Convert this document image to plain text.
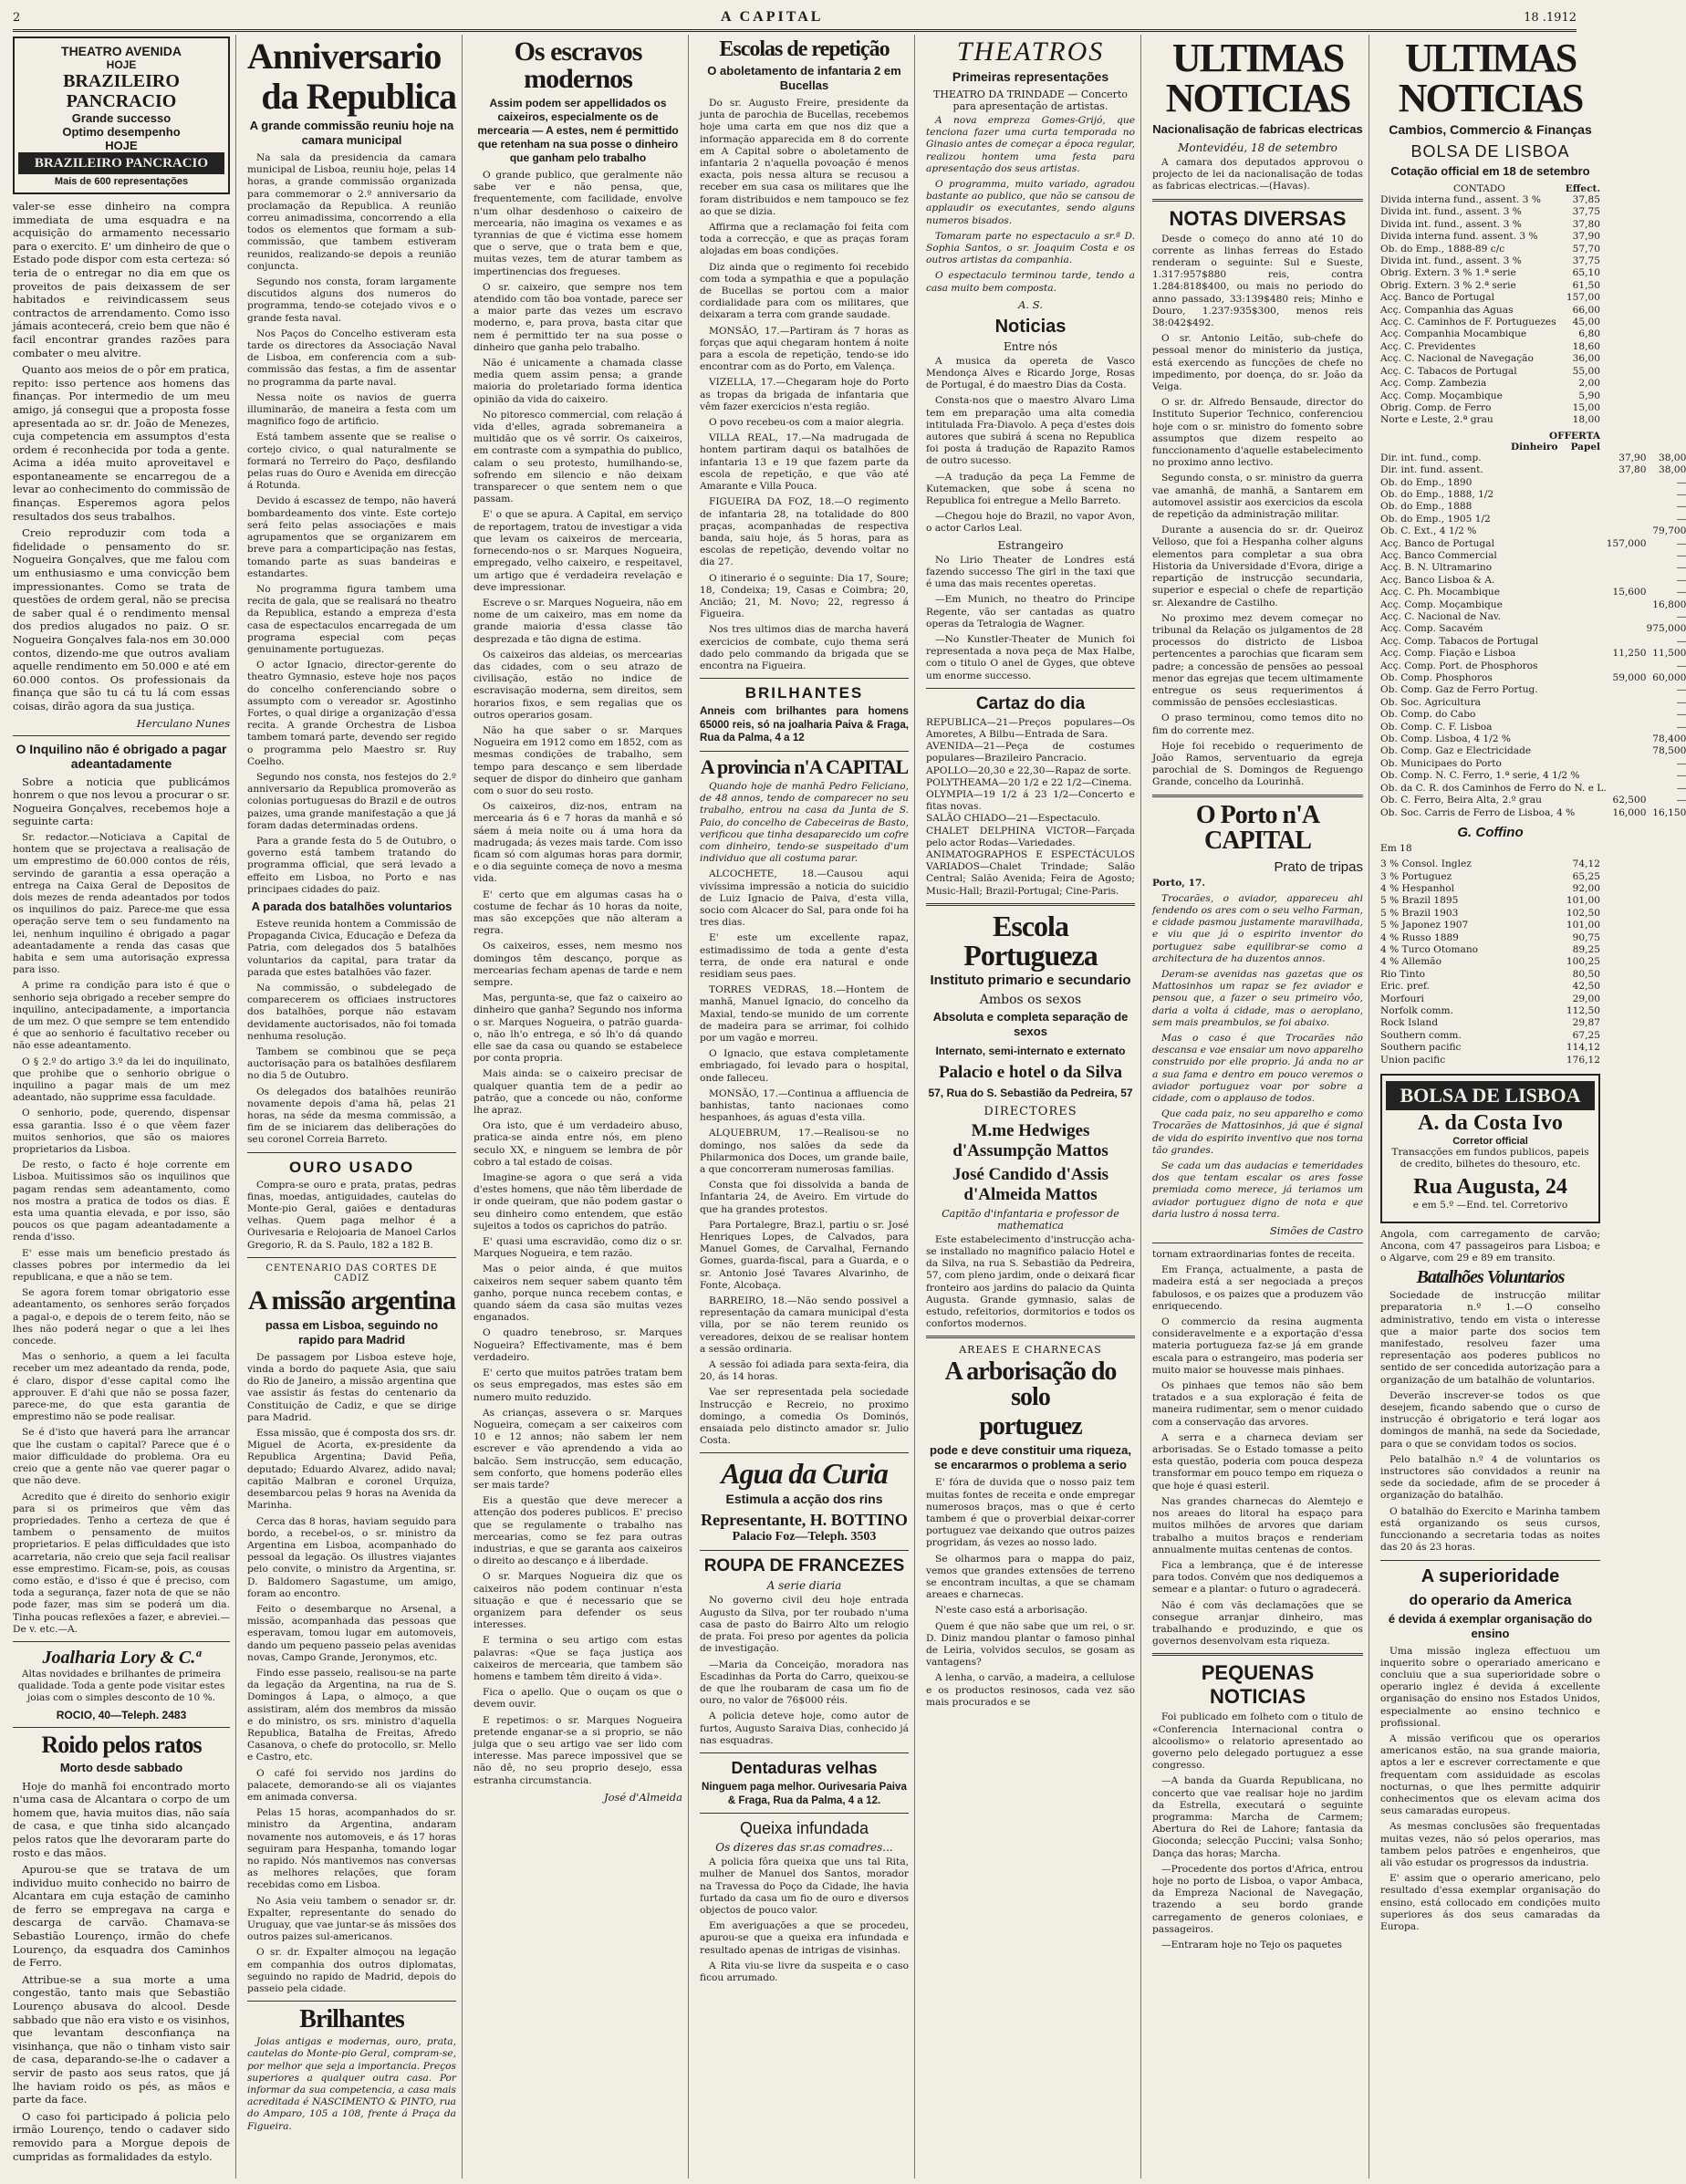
2	A CAPITAL	18 .1912
THEATRO AVENIDA
HOJE
BRAZILEIRO PANCRACIO
Grande successo
Optimo desempenho
HOJE
BRAZILEIRO PANCRACIO
Mais de 600 representações

valer-se esse dinheiro na compra immediata de uma esquadra e na acquisição do armamento necessario para o exercito. E' um dinheiro de que o Estado pode dispor com esta certeza: só teria de o entregar no dia em que os proveitos de pais deixassem de ser habitados e reivindicassem seus contractos de arrendamento. Como isso jámais acontecerá, creio bem que não é facil encontrar grandes razões para combater o meu alvitre.

Quanto aos meios de o pôr em pratica, repito: isso pertence aos homens das finanças. Por intermedio de um meu amigo, já consegui que a proposta fosse apresentada ao sr. dr. João de Menezes, cuja competencia em assumptos d'esta ordem é reconhecida por toda a gente. Acima a idéa muito aproveitavel e espontaneamente se encarregou de a levar ao conhecimento do commissão de finanças. Esperemos agora pelos resultados dos seus trabalhos.

Creio reproduzir com toda a fidelidade o pensamento do sr. Nogueira Gonçalves, que me falou com um enthusiasmo e uma convicção bem impressionantes. Como se trata de questões de ordem geral, não se precisa de saber qual é o rendimento mensal dos predios alugados no paiz. O sr. Nogueira Gonçalves fala-nos em 30.000 contos, dizendo-me que outros avaliam aquelle rendimento em 50.000 e até em 60.000 contos. Os professionais da finança que são tu cá tu lá com essas coisas, dirão agora da sua justiça.

Herculano Nunes
O Inquilino não é obrigado a pagar adeantadamente

Sobre a noticia que publicámos honrem o que nos levou a procurar o sr. Nogueira Gonçalves, recebemos hoje a seguinte carta:

Sr. redactor.—Noticiava a Capital de hontem que se projectava a realisação de um emprestimo de 60.000 contos de réis, servindo de garantia a essa operação a entrega na Caixa Geral de Depositos de dois mezes de renda adeantados por todos os inquilinos do paiz. Parece-me que essa operação serve tem o seu fundamento na lei, nenhum inquilino é obrigado a pagar adeantadamente a renda das casas que habita e sem uma autorisação expressa para isso.

A prime ra condição para isto é que o senhorio seja obrigado a receber sempre do inquilino, antecipadamente, a importancia de um mez. O que sempre se tem entendido é que ao senhorio é facultativo receber ou não esse adeantamento.

O § 2.º do artigo 3.º da lei do inquilinato, que prohibe que o senhorio obrigue o inquilino a pagar mais de um mez adeantado, não supprime essa faculdade.

O senhorio, pode, querendo, dispensar essa garantia. Isso é o que vêem fazer muitos senhorios, que são os maiores proprietarios da Lisboa.

De resto, o facto é hoje corrente em Lisboa. Muitissimos são os inquilinos que pagam rendas sem adeantamento, como nos mostra a pratica de todos os dias. É esta uma quantia elevada, e por isso, são poucos os que pagam adeantadamente a renda d'isso.

E' esse mais um beneficio prestado ás classes pobres por intermedio da lei republicana, e que a não se tem.

Se agora forem tomar obrigatorio esse adeantamento, os senhores serão forçados a pagal-o, e depois de o terem feito, não se lhes não poderá negar o que a lei lhes concede.

Mas o senhorio, a quem a lei faculta receber um mez adeantado da renda, pode, é claro, dispor d'esse capital como lhe approuver. E d'ahi que não se possa fazer, parece-me, do que esta garantia de emprestimo não se pode realisar.

Se é d'isto que haverá para lhe arrancar que lhe custam o capital? Parece que é o maior difficuldade do problema. Ora eu creio que a gente não vae querer pagar o que não deve.

Acredito que é direito do senhorio exigir para si os primeiros que vêm das propriedades. Tenho a certeza de que é tambem o pensamento de muitos proprietarios. E pelas difficuldades que isto acarretaria, não creio que seja facil realisar esse emprestimo. Ficam-se, pois, as cousas como estão, e d'isso é que é preciso, com toda a segurança, fazer nota de que se não pode fazer, mas sim se poderá um dia. Tinha poucas reflexões a fazer, e abreviei.—De v. etc.—A.

Joalharia Lory & C.ª
Altas novidades e brilhantes de primeira qualidade. Toda a gente pode visitar estes joias com o simples desconto de 10 %.
ROCIO, 40—Teleph. 2483
Roido pelos ratos
Morto desde sabbado

Hoje do manhã foi encontrado morto n'uma casa de Alcantara o corpo de um homem que, havia muitos dias, não saía de casa, e que tinha sido alcançado pelos ratos que lhe devoraram parte do rosto e das mãos.

Apurou-se que se tratava de um individuo muito conhecido no bairro de Alcantara em cuja estação de caminho de ferro se empregava na carga e descarga de carvão. Chamava-se Sebastião Lourenço, irmão do chefe Lourenço, da esquadra dos Caminhos de Ferro.

Attribue-se a sua morte a uma congestão, tanto mais que Sebastião Lourenço abusava do alcool. Desde sabbado que não era visto e os visinhos, que levantam desconfiança na visinhança, que não o tinham visto sair de casa, deparando-se-lhe o cadaver a servir de pasto aos seus ratos, que já lhe haviam roido os pés, as mãos e parte da face.

O caso foi participado á policia pelo irmão Lourenço, tendo o cadaver sido removido para a Morgue depois de cumpridas as formalidades da estylo.

Anniversario
da Republica
A grande commissão reuniu hoje na camara municipal

Na sala da presidencia da camara municipal de Lisboa, reuniu hoje, pelas 14 horas, a grande commissão organizada para commemorar o 2.º anniversario da proclamação da Republica. A reunião correu animadissima, concorrendo a ella todos os elementos que formam a sub-commissão, que tambem estiveram reunidos, realizando-se depois a reunião conjuncta.

Segundo nos consta, foram largamente discutidos alguns dos numeros do programma, tendo-se cotejado vivos e o grande festa naval.

Nos Paços do Concelho estiveram esta tarde os directores da Associação Naval de Lisboa, em conferencia com a sub-commissão das festas, a fim de assentar no programma da parte naval.

Nessa noite os navios de guerra illuminarão, de maneira a festa com um magnifico fogo de artificio.

Está tambem assente que se realise o cortejo civico, o qual naturalmente se formará no Terreiro do Paço, desfilando pelas ruas do Ouro e Avenida em direcção á Rotunda.

Devido á escassez de tempo, não haverá bombardeamento dos vinte. Este cortejo será feito pelas associações e mais agrupamentos que se organizarem em breve para a comparticipação nas festas, tomando parte as suas bandeiras e estandartes.

No programma figura tambem uma recita de gala, que se realisará no theatro da Republica, estando a empreza d'esta casa de espectaculos encarregada de um programa especial com peças genuinamente portuguezas.

O actor Ignacio, director-gerente do theatro Gymnasio, esteve hoje nos paços do concelho conferenciando sobre o assumpto com o vereador sr. Agostinho Fortes, o qual dirige a organização d'essa recita. A grande Orchestra de Lisboa tambem tomará parte, devendo ser regido o programma pelo Maestro sr. Ruy Coelho.

Segundo nos consta, nos festejos do 2.º anniversario da Republica promoverão as colonias portuguesas do Brazil e de outros paizes, uma grande manifestação a que já foram dadas determinadas ordens.

Para a grande festa do 5 de Outubro, o governo está tambem tratando do programma official, que será levado a effeito em Lisboa, no Porto e nas principaes cidades do paiz.

A parada dos batalhões voluntarios

Esteve reunida hontem a Commissão de Propaganda Civica, Educação e Defeza da Patria, com delegados dos 5 batalhões voluntarios da capital, para tratar da parada que estes batalhões vão fazer.

Na commissão, o subdelegado de comparecerem os officiaes instructores dos batalhões, porque não estavam devidamente auctorisados, não foi tomada nenhuma resolução.

Tambem se combinou que se peça auctorisação para os batalhões desfilarem no dia 5 de Outubro.

Os delegados dos batalhões reunirão novamente depois d'ama hã, pelas 21 horas, na séde da mesma commissão, a fim de se iniciarem das deliberações do seu coronel Correia Barreto.

OURO USADO

Compra-se ouro e prata, pratas, pedras finas, moedas, antiguidades, cautelas do Monte-pio Geral, gaiões e dentaduras velhas. Quem paga melhor é a Ourivesaria e Relojoaria de Manoel Carlos Gregorio, R. da S. Paulo, 182 a 182 B.

CENTENARIO DAS CORTES DE CADIZ
A missão argentina
passa em Lisboa, seguindo no rapido para Madrid

De passagem por Lisboa esteve hoje, vinda a bordo do paquete Asia, que saiu do Rio de Janeiro, a missão argentina que vae assistir ás festas do centenario da Constituição de Cadiz, e que se dirige para Madrid.

Essa missão, que é composta dos srs. dr. Miguel de Acorta, ex-presidente da Republica Argentina; David Peña, deputado; Eduardo Alvarez, adido naval; capitão Malbran e coronel Urquiza, desembarcou pelas 9 horas na Avenida da Marinha.

Cerca das 8 horas, haviam seguido para bordo, a recebel-os, o sr. ministro da Argentina em Lisboa, acompanhado do pessoal da legação. Os illustres viajantes pelo convite, o ministro da Argentina, sr. D. Baldomero Sagastume, um amigo, foram ao encontro.

Feito o desembarque no Arsenal, a missão, acompanhada das pessoas que esperavam, tomou lugar em automoveis, dando um pequeno passeio pelas avenidas novas, Campo Grande, Jeronymos, etc.

Findo esse passeio, realisou-se na parte da legação da Argentina, na rua de S. Domingos á Lapa, o almoço, a que assistiram, além dos membros da missão e do ministro, os srs. ministro d'aquella Republica, Batalha de Freitas, Afredo Casanova, o chefe do protocollo, sr. Mello e Castro, etc.

O café foi servido nos jardins do palacete, demorando-se ali os viajantes em animada conversa.

Pelas 15 horas, acompanhados do sr. ministro da Argentina, andaram novamente nos automoveis, e ás 17 horas seguiram para Hespanha, tomando logar no rapido. Nós mantivemos nas conversas as melhores relações, que foram recebidas como em Lisboa.

No Asia veiu tambem o senador sr. dr. Expalter, representante do senado do Uruguay, que vae juntar-se ás missões dos outros paizes sul-americanos.

O sr. dr. Expalter almoçou na legação em companhia dos outros diplomatas, seguindo no rapido de Madrid, depois do passeio pela cidade.

Brilhantes

Joias antigas e modernas, ouro, prata, cautelas do Monte-pio Geral, compram-se, por melhor que seja a importancia. Preços superiores a qualquer outra casa. Por informar da sua competencia, a casa mais acreditada é NASCIMENTO & PINTO, rua do Amparo, 105 a 108, frente á Praça da Figueira.

Os escravos modernos
Assim podem ser appellidados os caixeiros, especialmente os de mercearia — A estes, nem é permittido que retenham na sua posse o dinheiro que ganham pelo trabalho

O grande publico, que geralmente não sabe ver e não pensa, que, frequentemente, com facilidade, envolve n'um olhar desdenhoso o caixeiro de mercearia, não imagina os vexames e as tyrannias de que é victima esse homem que o serve, que o trata bem e que, muitas vezes, tem de aturar tambem as impertinencias dos fregueses.

O sr. caixeiro, que sempre nos tem atendido com tão boa vontade, parece ser a maior parte das vezes um escravo moderno, e, para prova, basta citar que nem é permittido ter na sua posse o dinheiro que ganha pelo trabalho.

Não é unicamente a chamada classe media quem assim pensa; a grande maioria do proletariado forma identica opinião da vida do caixeiro.

No pitoresco commercial, com relação á vida d'elles, agrada sobremaneira a multidão que os vê sorrir. Os caixeiros, em contraste com a sympathia do publico, calam o seu protesto, humilhando-se, sofrendo em silencio e não deixam transparecer o que sentem nem o que passam.

E' o que se apura. A Capital, em serviço de reportagem, tratou de investigar a vida que levam os caixeiros de mercearia, fornecendo-nos o sr. Marques Nogueira, empregado, velho caixeiro, e respeitavel, um artigo que é verdadeira revelação e deve impressionar.

Escreve o sr. Marques Nogueira, não em nome de um caixeiro, mas em nome da grande maioria d'essa classe tão desprezada e tão digna de estima.

Os caixeiros das aldeias, os mercearias das cidades, com o seu atrazo de civilisação, estão no indice de escravisação moderna, sem direitos, sem horarios fixos, e sem regalias que os outros operarios gosam.

Não ha que saber o sr. Marques Nogueira em 1912 como em 1852, com as mesmas condições de trabalho, sem tempo para descanço e sem liberdade sequer de dispor do dinheiro que ganham com o suor do seu rosto.

Os caixeiros, diz-nos, entram na mercearia ás 6 e 7 horas da manhã e só sáem á meia noite ou á uma hora da madrugada; ás vezes mais tarde. Com isso ficam só com algumas horas para dormir, e o dia seguinte começa de novo a mesma vida.

E' certo que em algumas casas ha o costume de fechar ás 10 horas da noite, mas são excepções que não alteram a regra.

Os caixeiros, esses, nem mesmo nos domingos têm descanço, porque as mercearias fecham apenas de tarde e nem sempre.

Mas, pergunta-se, que faz o caixeiro ao dinheiro que ganha? Segundo nos informa o sr. Marques Nogueira, o patrão guarda-o, não lh'o entrega, e só lh'o dá quando elle sae da casa ou quando se estabelece por conta propria.

Mais ainda: se o caixeiro precisar de qualquer quantia tem de a pedir ao patrão, que a concede ou não, conforme lhe apraz.

Ora isto, que é um verdadeiro abuso, pratica-se ainda entre nós, em pleno seculo XX, e ninguem se lembra de pôr cobro a tal estado de coisas.

Imagine-se agora o que será a vida d'estes homens, que não têm liberdade de ir onde queiram, que não podem gastar o seu dinheiro como entendem, que estão sujeitos a todos os caprichos do patrão.

E' quasi uma escravidão, como diz o sr. Marques Nogueira, e tem razão.

Mas o peior ainda, é que muitos caixeiros nem sequer sabem quanto têm ganho, porque nunca recebem contas, e quando sáem da casa são muitas vezes enganados.

O quadro tenebroso, sr. Marques Nogueira? Effectivamente, mas é bem verdadeiro.

E' certo que muitos patrões tratam bem os seus empregados, mas estes são em numero muito reduzido.

As crianças, assevera o sr. Marques Nogueira, começam a ser caixeiros com 10 e 12 annos; não sabem ler nem escrever e vão aprendendo a vida ao balcão. Sem instrucção, sem educação, sem conforto, que homens poderão elles ser mais tarde?

Eis a questão que deve merecer a attenção dos poderes publicos. E' preciso que se regulamente o trabalho nas mercearias, como se fez para outras industrias, e que se garanta aos caixeiros o direito ao descanço e á liberdade.

O sr. Marques Nogueira diz que os caixeiros não podem continuar n'esta situação e que é necessario que se organizem para defender os seus interesses.

E termina o seu artigo com estas palavras: «Que se faça justiça aos caixeiros de mercearia, que tambem são homens e tambem têm direito á vida».

Fica o apello. Que o ouçam os que o devem ouvir.

E repetimos: o sr. Marques Nogueira pretende enganar-se a si proprio, se não julga que o seu artigo vae ser lido com interesse. Mas parece impossivel que se não dê, no seu proprio desejo, essa estranha circumstancia.

José d'Almeida
Escolas de repetição
O aboletamento de infantaria 2 em Bucellas

Do sr. Augusto Freire, presidente da junta de parochia de Bucellas, recebemos hoje uma carta em que nos diz que a informação apparecida em 8 do corrente em A Capital sobre o aboletamento de infantaria 2 n'aquella povoação é menos exacta, pois nessa altura se recusou a receber em sua casa os militares que lhe foram distribuidos e nem tampouco se fez ao que se dizia.

Affirma que a reclamação foi feita com toda a correcção, e que as praças foram alojadas em boas condições.

Diz ainda que o regimento foi recebido com toda a sympathia e que a população de Bucellas se portou com a maior cordialidade para com os militares, que deixaram a terra com grande saudade.

MONSÃO, 17.—Partiram ás 7 horas as forças que aqui chegaram hontem á noite para a escola de repetição, tendo-se ido encontrar com as do Porto, em Valença.

VIZELLA, 17.—Chegaram hoje do Porto as tropas da brigada de infantaria que vêm fazer exercicios n'esta região.

O povo recebeu-os com a maior alegria.

VILLA REAL, 17.—Na madrugada de hontem partiram daqui os batalhões de infantaria 13 e 19 que fazem parte da escola de repetição, e que vão até Amarante e Villa Pouca.

FIGUEIRA DA FOZ, 18.—O regimento de infantaria 28, na totalidade do 800 praças, acompanhadas de respectiva banda, saiu hoje, ás 5 horas, para as escolas de repetição, devendo voltar no dia 27.

O itinerario é o seguinte: Dia 17, Soure; 18, Condeixa; 19, Casas e Coimbra; 20, Ancião; 21, M. Novo; 22, regresso á Figueira.

Nos tres ultimos dias de marcha haverá exercicios de combate, cujo thema será dado pelo commando da brigada que se encontra na Figueira.

BRILHANTES

Anneis com brilhantes para homens 65000 reis, só na joalharia Paiva & Fraga, Rua da Palma, 4 a 12

A provincia n'A CAPITAL

Quando hoje de manhã Pedro Feliciano, de 48 annos, tendo de comparecer no seu trabalho, entrou na casa da Junta de S. Paio, do concelho de Cabeceiras de Basto, verificou que tinha desaparecido um cofre com dinheiro, tendo-se suspeitado d'um individuo que ali costuma parar.

ALCOCHETE, 18.—Causou aqui vivíssima impressão a noticia do suicidio de Luiz Ignacio de Paiva, d'esta villa, socio com Alcacer do Sal, para onde foi ha tres dias.

E' este um excellente rapaz, estimadissimo de toda a gente d'esta terra, de onde era natural e onde residiam seus paes.

TORRES VEDRAS, 18.—Hontem de manhã, Manuel Ignacio, do concelho da Maxial, tendo-se munido de um corrente de madeira para se arrimar, foi colhido por um vagão e morreu.

O Ignacio, que estava completamente embriagado, foi levado para o hospital, onde falleceu.

MONSÃO, 17.—Continua a affluencia de banhistas, tanto nacionaes como hespanhoes, ás aguas d'esta villa.

ALQUEBRUM, 17.—Realisou-se no domingo, nos salões da sede da Philarmonica dos Doces, um grande baile, a que concorreram numerosas familias.

Consta que foi dissolvida a banda de Infantaria 24, de Aveiro. Em virtude do que ha grandes protestos.

Para Portalegre, Braz.l, partiu o sr. José Henriques Lopes, de Calvados, para Manuel Gomes, de Carvalhal, Fernando Gomes, guarda-fiscal, para a Guarda, e o sr. Antonio José Tavares Alvarinho, de Fonte, Alcobaça.

BARREIRO, 18.—Não sendo possivel a representação da camara municipal d'esta villa, por se não terem reunido os vereadores, deixou de se realisar hontem a sessão ordinaria.

A sessão foi adiada para sexta-feira, dia 20, ás 14 horas.

Vae ser representada pela sociedade Instrucção e Recreio, no proximo domingo, a comedia Os Dominós, ensaiada pelo distincto amador sr. Julio Costa.

Agua da Curia
Estimula a acção dos rins
Representante, H. BOTTINO
Palacio Foz—Teleph. 3503
ROUPA DE FRANCEZES
A serie diaria

No governo civil deu hoje entrada Augusto da Silva, por ter roubado n'uma casa de pasto do Bairro Alto um relogio de prata. Foi preso por agentes da policia de investigação.

—Maria da Conceição, moradora nas Escadinhas da Porta do Carro, queixou-se de que lhe roubaram de casa um fio de ouro, no valor de 76$000 réis.

A policia deteve hoje, como autor de furtos, Augusto Saraiva Dias, conhecido já nas esquadras.

Dentaduras velhas

Ninguem paga melhor. Ourivesaria Paiva & Fraga, Rua da Palma, 4 a 12.

Queixa infundada
Os dizeres das sr.as comadres...

A policia fôra queixa que uns tal Rita, mulher de Manuel dos Santos, morador na Travessa do Poço da Cidade, lhe havia furtado da casa um fio de ouro e diversos objectos de pouco valor.

Em averiguações a que se procedeu, apurou-se que a queixa era infundada e resultado apenas de intrigas de visinhas.

A Rita viu-se livre da suspeita e o caso ficou arrumado.

THEATROS
Primeiras representações
THEATRO DA TRINDADE — Concerto para apresentação de artistas.

A nova empreza Gomes-Grijó, que tenciona fazer uma curta temporada no Ginasio antes de começar a época regular, realizou hontem uma festa para apresentação dos seus artistas.

O programma, muito variado, agradou bastante ao publico, que não se cansou de applaudir os executantes, sendo alguns numeros bisados.

Tomaram parte no espectaculo a sr.ª D. Sophia Santos, o sr. Joaquim Costa e os outros artistas da companhia.

O espectaculo terminou tarde, tendo a casa muito bem composta.

A. S.
Noticias
Entre nós

A musica da opereta de Vasco Mendonça Alves e Ricardo Jorge, Rosas de Portugal, é do maestro Dias da Costa.

Consta-nos que o maestro Alvaro Lima tem em preparação uma alta comedia intitulada Fra-Diavolo. A peça d'estes dois autores que subirá á scena no Republica foi posta á tradução de Rapazito Ramos de outro sucesso.

—A tradução da peça La Femme de Kutemacken, que sobe á scena no Republica foi entregue a Mello Barreto.

—Chegou hoje do Brazil, no vapor Avon, o actor Carlos Leal.

Estrangeiro

No Lirio Theater de Londres está fazendo successo The girl in the taxi que é uma das mais recentes operetas.

—Em Munich, no theatro do Principe Regente, vão ser cantadas as quatro operas da Tetralogia de Wagner.

—No Kunstler-Theater de Munich foi representada a nova peça de Max Halbe, com o titulo O anel de Gyges, que obteve um enorme successo.

Cartaz do dia

REPUBLICA—21—Preços populares—Os Amoretes, A Bilbu—Entrada de Sara.
AVENIDA—21—Peça de costumes populares—Brazileiro Pancracio.
APOLLO—20,30 e 22,30—Rapaz de sorte.
POLYTHEAMA—20 1/2 e 22 1/2—Cinema.
OLYMPIA—19 1/2 á 23 1/2—Concerto e fitas novas.
SALÃO CHIADO—21—Espectaculo.
CHALET DELPHINA VICTOR—Farçada pelo actor Rodas—Variedades.
ANIMATOGRAPHOS E ESPECTÁCULOS VARIADOS—Chalet Trindade; Salão Central; Salão Avenida; Feira de Agosto; Music-Hall; Brazil-Portugal; Cine-Paris.

Escola Portugueza
Instituto primario e secundario
Ambos os sexos
Absoluta e completa separação de sexos
Internato, semi-internato e externato
Palacio e hotel o da Silva
57, Rua do S. Sebastião da Pedreira, 57
DIRECTORES
M.me Hedwiges d'Assumpção Mattos
José Candido d'Assis d'Almeida Mattos
Capitão d'infantaria e professor de mathematica

Este estabelecimento d'instrucção acha-se installado no magnifico palacio Hotel e da Silva, na rua S. Sebastião da Pedreira, 57, com pleno jardim, onde o deixará ficar fronteiro aos jardins do palacio da Quinta Augusta. Grande gymnasio, salas de estudo, refeitorios, dormitorios e todos os confortos modernos.

AREAES E CHARNECAS
A arborisação do solo
portuguez
pode e deve constituir uma riqueza, se encararmos o problema a serio

E' fóra de duvida que o nosso paiz tem muitas fontes de receita e onde empregar numerosos braços, mas o que é certo tambem é que o proverbial deixar-correr portuguez vae deixando que outros paizes progridam, ás vezes ao nosso lado.

Se olharmos para o mappa do paiz, vemos que grandes extensões de terreno se encontram incultas, a que se chamam areaes e charnecas.

N'este caso está a arborisação.

Quem é que não sabe que um rei, o sr. D. Diniz mandou plantar o famoso pinhal de Leiria, volvidos seculos, se gosam as vantagens?

A lenha, o carvão, a madeira, a cellulose e os productos resinosos, cada vez são mais procurados e se

ULTIMAS NOTICIAS
Nacionalisação de fabricas electricas
Montevidéu, 18 de setembro

A camara dos deputados approvou o projecto de lei da nacionalisação de todas as fabricas electricas.—(Havas).

NOTAS DIVERSAS

Desde o começo do anno até 10 do corrente as linhas ferreas do Estado renderam o seguinte: Sul e Sueste, 1.317:957$880 reis, contra 1.284:818$400, ou mais no periodo do anno passado, 33:139$480 reis; Minho e Douro, 1.237:935$300, menos reis 38:042$492.

O sr. Antonio Leitão, sub-chefe do pessoal menor do ministerio da justiça, está exercendo as funcções de chefe no impedimento, por doença, do sr. João da Veiga.

O sr. dr. Alfredo Bensaude, director do Instituto Superior Technico, conferenciou hoje com o sr. ministro do fomento sobre assumptos que dizem respeito ao funccionamento d'aquelle estabelecimento no proximo anno lectivo.

Segundo consta, o sr. ministro da guerra vae amanhã, de manhã, a Santarem em automovel assistir aos exercicios da escola de repetição da administração militar.

Durante a ausencia do sr. dr. Queiroz Velloso, que foi a Hespanha colher alguns elementos para completar a sua obra Historia da Universidade d'Evora, dirige a repartição de instrucção secundaria, superior e especial o chefe de repartição sr. Alexandre de Castilho.

No proximo mez devem começar no tribunal da Relação os julgamentos de 28 processos do districto de Lisboa pertencentes a parochias que ficaram sem padre; a concessão de pensões ao pessoal menor das egrejas que tecem ultimamente entregue os seus requerimentos á commissão de pensões ecclesiasticas.

O praso terminou, como temos dito no fim do corrente mez.

Hoje foi recebido o requerimento de João Ramos, serventuario da egreja parochial de S. Domingos de Reguengo Grande, concelho da Lourinhã.

O Porto n'A CAPITAL
Prato de tripas
Porto, 17.

Trocarães, o aviador, appareceu ahi fendendo os ares com o seu velho Farman, e cidade pasmou justamente maravilhada, e viu que já o espirito inventor do portuguez sabe equilibrar-se como a architectura de ha duzentos annos.

Deram-se avenidas nas gazetas que os Mattosinhos um rapaz se fez aviador e pensou que, a fazer o seu primeiro vôo, daria a volta á cidade, mas o aeroplano, sem mais preambulos, se foi abaixo.

Mas o caso é que Trocarães não descansa e vae ensaiar um novo apparelho construido por elle proprio. Já anda no ar a sua fama e dentro em pouco veremos o aviador portuguez voar por sobre a cidade, com o applauso de todos.

Que cada paiz, no seu apparelho e como Trocarães de Mattosinhos, já que é signal de vida do espirito inventivo que nos torna tão grandes.

Se cada um das audacias e temeridades dos que tentam escalar os ares fosse premiada como merece, já teriamos um aviador portuguez digno de nota e que daria lustro á nossa terra.

Simões de Castro

tornam extraordinarias fontes de receita.

Em França, actualmente, a pasta de madeira está a ser negociada a preços fabulosos, e os paizes que a produzem vão enriquecendo.

O commercio da resina augmenta consideravelmente e a exportação d'essa materia portugueza faz-se já em grande escala para o estrangeiro, mas poderia ser muito maior se houvesse mais pinhaes.

Os pinhaes que temos não são bem tratados e a sua exploração é feita de maneira rudimentar, sem o menor cuidado com a conservação das arvores.

A serra e a charneca deviam ser arborisadas. Se o Estado tomasse a peito esta questão, poderia com pouca despeza transformar em pouco tempo em riqueza o que hoje é quasi esteril.

Nas grandes charnecas do Alemtejo e nos areaes do litoral ha espaço para muitos milhões de arvores que dariam trabalho a muitos braços e renderiam annualmente muitas centenas de contos.

Fica a lembrança, que é de interesse para todos. Convém que nos dediquemos a semear e a plantar: o futuro o agradecerá.

Não é com vãs declamações que se consegue arranjar dinheiro, mas trabalhando e produzindo, e que os governos desenvolvam esta riqueza.

PEQUENAS NOTICIAS

Foi publicado em folheto com o titulo de «Conferencia Internacional contra o alcoolismo» o relatorio apresentado ao governo pelo delegado portuguez a esse congresso.

—A banda da Guarda Republicana, no concerto que vae realisar hoje no jardim da Estrella, executará o seguinte programma: Marcha de Carmem; Abertura do Rei de Lahore; fantasia da Gioconda; selecção Puccini; valsa Sonho; Dança das horas; Marcha.

—Procedente dos portos d'Africa, entrou hoje no porto de Lisboa, o vapor Ambaca, da Empreza Nacional de Navegação, trazendo a seu bordo grande carregamento de generos coloniaes, e passageiros.

—Entraram hoje no Tejo os paquetes

ULTIMAS NOTICIAS
Cambios, Commercio & Finanças
BOLSA DE LISBOA
Cotação official em 18 de setembro
CONTADO	Effect.
Divida interna fund., assent. 3 %	37,85
Divida int. fund., assent. 3 %	37,75
Divida int. fund., assent. 3 %	37,80
Divida interna fund. assent. 3 %	37,90
Ob. do Emp., 1888-89 c/c	57,70
Divida int. fund., assent. 3 %	37,75
Obrig. Extern. 3 % 1.ª serie	65,10
Obrig. Extern. 3 % 2.ª serie	61,50
Acç. Banco de Portugal	157,00
Acç. Companhia das Aguas	66,00
Acç. C. Caminhos de F. Portuguezes	45,00
Acç. Companhia Mocambique	6,80
Acç. C. Previdentes	18,60
Acç. C. Nacional de Navegação	36,00
Acç. C. Tabacos de Portugal	55,00
Acç. Comp. Zambezia	2,00
Acç. Comp. Moçambique	5,90
Obrig. Comp. de Ferro	15,00
Norte e Leste, 2.ª grau	18,00
OFFERTA
Dinheiro Papel
Dir. int. fund., comp.	37,90	38,00
Dir. int. fund. assent.	37,80	38,00
Ob. do Emp., 1890		—
Ob. do Emp., 1888, 1/2		—
Ob. do Emp., 1888		—
Ob. do Emp., 1905 1/2		—
Ob. C. Ext., 4 1/2 %		79,700
Acç. Banco de Portugal	157,000	—
Acç. Banco Commercial		—
Acç. B. N. Ultramarino		—
Acç. Banco Lisboa & A.		—
Acç. C. Ph. Mocambique	15,600	—
Acç. Comp. Moçambique		16,800
Acç. C. Nacional de Nav.		—
Acç. Comp. Sacavém		975,000
Acç. Comp. Tabacos de Portugal		—
Acç. Comp. Fiação e Lisboa	11,250	11,500
Acç. Comp. Port. de Phosphoros		—
Ob. Comp. Phosphoros	59,000	60,000
Ob. Comp. Gaz de Ferro Portug.		—
Ob. Soc. Agricultura		—
Ob. Comp. do Cabo		—
Ob. Comp. C. F. Lisboa		—
Ob. Comp. Lisboa, 4 1/2 %		78,400
Ob. Comp. Gaz e Electricidade		78,500
Ob. Municipaes do Porto		—
Ob. Comp. N. C. Ferro, 1.ª serie, 4 1/2 %		—
Ob. da C. R. dos Caminhos de Ferro do N. e L.		—
Ob. C. Ferro, Beira Alta, 2.º grau	62,500	—
Ob. Soc. Carris de Ferro de Lisboa, 4 %	16,000	16,150
G. Coffino
Em 18
3 % Consol. Inglez	74,12
3 % Portuguez	65,25
4 % Hespanhol	92,00
5 % Brazil 1895	101,00
5 % Brazil 1903	102,50
5 % Japonez 1907	101,00
4 % Russo 1889	90,75
4 % Turco Otomano	89,25
4 % Allemão	100,25
Rio Tinto	80,50
Eric. pref.	42,50
Morfouri	29,00
Norfolk comm.	112,50
Rock Island	29,87
Southern comm.	67,25
Southern pacific	114,12
Union pacific	176,12
BOLSA DE LISBOA
A. da Costa Ivo
Corretor official
Transacções em fundos publicos, papeis de credito, bilhetes do thesouro, etc.
Rua Augusta, 24
e em 5.º —End. tel. Corretorivo

Angola, com carregamento de carvão; Ancona, com 47 passageiros para Lisboa; e o Algarve, com 29 e 89 em transito.

Batalhões Voluntarios

Sociedade de instrucção militar preparatoria n.º 1.—O conselho administrativo, tendo em vista o interesse que a maior parte dos socios tem manifestado, resolveu fazer uma representação aos poderes publicos no sentido de ser concedida autorização para a organização de um batalhão de voluntarios.

Deverão inscrever-se todos os que desejem, ficando sabendo que o curso de instrucção é obrigatorio e terá logar aos domingos de manhã, na sede da Sociedade, para o que se convidam todos os socios.

Pelo batalhão n.º 4 de voluntarios os instructores são convidados a reunir na sede da sociedade, afim de se proceder á organização do batalhão.

O batalhão do Exercito e Marinha tambem está organizando os seus cursos, funccionando a secretaria todas as noites das 20 ás 23 horas.

A superioridade
do operario da America
é devida á exemplar organisação do ensino

Uma missão ingleza effectuou um inquerito sobre o operariado americano e concluiu que a sua superioridade sobre o operario inglez é devida á excellente organisação do ensino nos Estados Unidos, especialmente ao ensino technico e profissional.

A missão verificou que os operarios americanos estão, na sua grande maioria, aptos a ler e escrever correctamente e que frequentam com assiduidade as escolas nocturnas, o que lhes permitte adquirir conhecimentos que os elevam acima dos seus camaradas europeus.

As mesmas conclusões são frequentadas muitas vezes, não só pelos operarios, mas tambem pelos patrões e engenheiros, que ali vão estudar os progressos da industria.

E' assim que o operario americano, pelo resultado d'essa exemplar organisação do ensino, está collocado em condições muito superiores ás dos seus camaradas da Europa.
